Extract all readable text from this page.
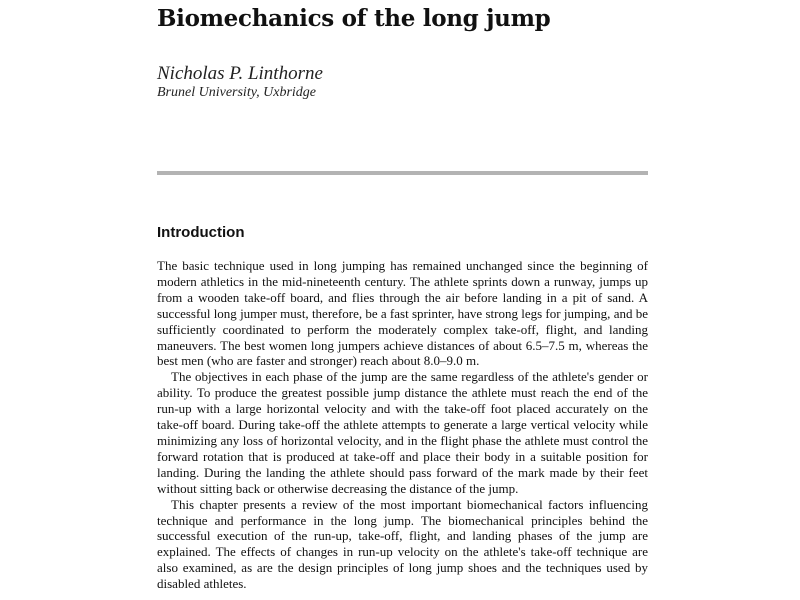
Biomechanics of the long jump
Nicholas P. Linthorne
Brunel University, Uxbridge
Introduction

The basic technique used in long jumping has remained unchanged since the beginning of modern athletics in the mid-nineteenth century. The athlete sprints down a runway, jumps up from a wooden take-off board, and flies through the air before landing in a pit of sand. A successful long jumper must, therefore, be a fast sprinter, have strong legs for jumping, and be sufficiently coordinated to perform the moderately complex take-off, flight, and landing maneuvers. The best women long jumpers achieve distances of about 6.5–7.5 m, whereas the best men (who are faster and stronger) reach about 8.0–9.0 m.

The objectives in each phase of the jump are the same regardless of the athlete's gender or ability. To produce the greatest possible jump distance the athlete must reach the end of the run-up with a large horizontal velocity and with the take-off foot placed accurately on the take-off board. During take-off the athlete attempts to generate a large vertical velocity while minimizing any loss of horizontal velocity, and in the flight phase the athlete must control the forward rotation that is produced at take-off and place their body in a suitable position for landing. During the landing the athlete should pass forward of the mark made by their feet without sitting back or otherwise decreasing the distance of the jump.

This chapter presents a review of the most important biomechanical factors influencing technique and performance in the long jump. The biomechanical principles behind the successful execution of the run-up, take-off, flight, and landing phases of the jump are explained. The effects of changes in run-up velocity on the athlete's take-off technique are also examined, as are the design principles of long jump shoes and the techniques used by disabled athletes.
